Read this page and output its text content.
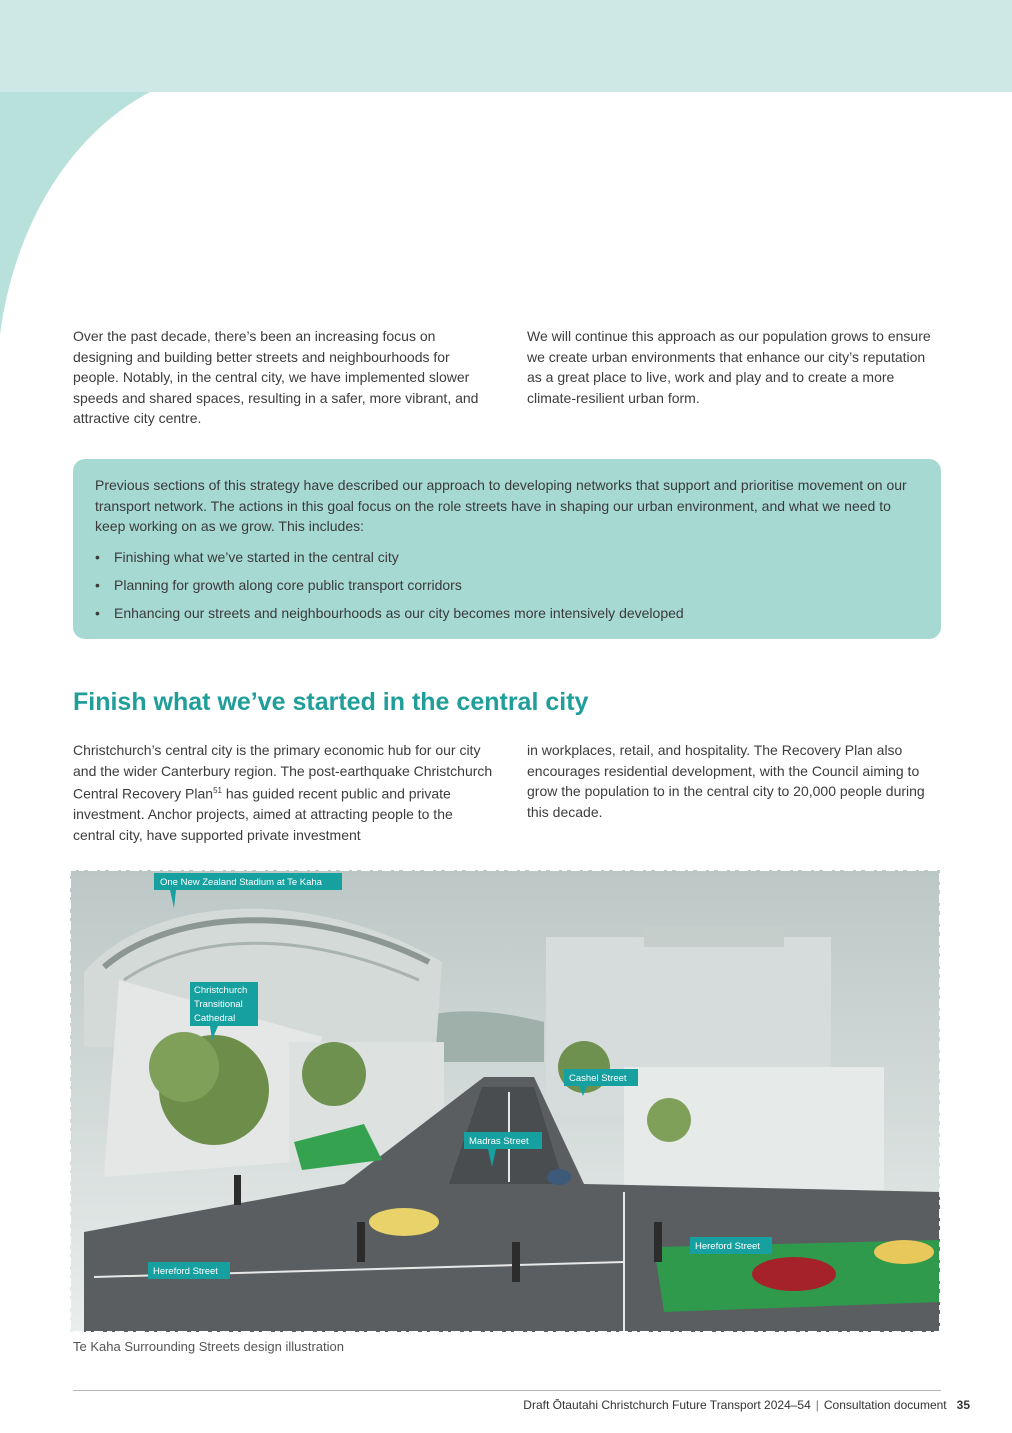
Over the past decade, there’s been an increasing focus on designing and building better streets and neighbourhoods for people. Notably, in the central city, we have implemented slower speeds and shared spaces, resulting in a safer, more vibrant, and attractive city centre.

We will continue this approach as our population grows to ensure we create urban environments that enhance our city’s reputation as a great place to live, work and play and to create a more climate-resilient urban form.

Previous sections of this strategy have described our approach to developing networks that support and prioritise movement on our transport network. The actions in this goal focus on the role streets have in shaping our urban environment, and what we need to keep working on as we grow. This includes:

• Finishing what we’ve started in the central city
• Planning for growth along core public transport corridors
• Enhancing our streets and neighbourhoods as our city becomes more intensively developed
Finish what we’ve started in the central city

Christchurch’s central city is the primary economic hub for our city and the wider Canterbury region. The post-earthquake Christchurch Central Recovery Plan$^{51}$ has guided recent public and private investment. Anchor projects, aimed at attracting people to the central city, have supported private investment

in workplaces, retail, and hospitality. The Recovery Plan also encourages residential development, with the Council aiming to grow the population to in the central city to 20,000 people during this decade.

One New Zealand Stadium at Te Kaha
Christchurch
Transitional
Cathedral
Cashel Street
Madras Street
Hereford Street
Hereford Street

Te Kaha Surrounding Streets design illustration

Draft Ōtautahi Christchurch Future Transport 2024–54 | Consultation document 35
